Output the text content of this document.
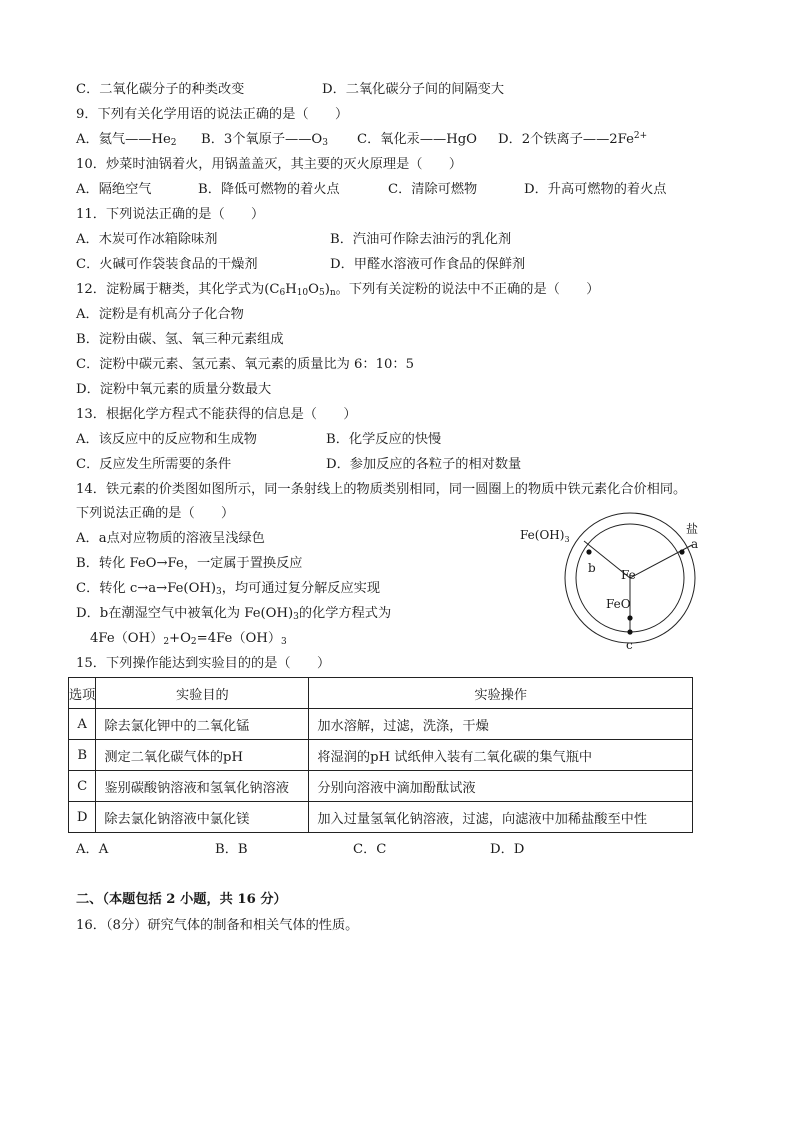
C．二氧化碳分子的种类改变	D．二氧化碳分子间的间隔变大
9．下列有关化学用语的说法正确的是（　　）
A．氦气$——He_2$ B．3个氧原子$——O_3$ C．氧化汞——HgO D．2个铁离子$——2Fe^{2+}$
10．炒菜时油锅着火，用锅盖盖灭，其主要的灭火原理是（　　）
A．隔绝空气	B．降低可燃物的着火点	C．清除可燃物	D．升高可燃物的着火点
11．下列说法正确的是（　　）
A．木炭可作冰箱除味剂	B．汽油可作除去油污的乳化剂
C．火碱可作袋装食品的干燥剂	D．甲醛水溶液可作食品的保鲜剂
12．淀粉属于糖类，其化学式为$(C_6H_{10}O_5)_n$。下列有关淀粉的说法中不正确的是（　　）
A．淀粉是有机高分子化合物
B．淀粉由碳、氢、氧三种元素组成
C．淀粉中碳元素、氢元素、氧元素的质量比为 6：10：5
D．淀粉中氧元素的质量分数最大
13．根据化学方程式不能获得的信息是（　　）
A．该反应中的反应物和生成物	B．化学反应的快慢
C．反应发生所需要的条件	D．参加反应的各粒子的相对数量
14．铁元素的价类图如图所示，同一条射线上的物质类别相同，同一圆圈上的物质中铁元素化合价相同。
下列说法正确的是（　　）
A．a点对应物质的溶液呈浅绿色
B．转化 FeO→Fe，一定属于置换反应
C．转化 $c\to a\to Fe(OH)_3$，均可通过复分解反应实现
D．b在潮湿空气中被氧化为 $Fe(OH)_3$的化学方程式为
$4Fe(OH)_2+O_2=4Fe(OH)_3$
$Fe(OH)_3$
盐
a
b Fe
FeO
c
15．下列操作能达到实验目的的是（　　）
选项	实验目的	实验操作
A	除去氯化钾中的二氧化锰	加水溶解，过滤，洗涤，干燥
B	测定二氧化碳气体的pH	将湿润的pH 试纸伸入装有二氧化碳的集气瓶中
C	鉴别碳酸钠溶液和氢氧化钠溶液	分别向溶液中滴加酚酞试液
D	除去氯化钠溶液中氯化镁	加入过量氢氧化钠溶液，过滤，向滤液中加稀盐酸至中性
A．A	B．B	C．C	D．D
二、（本题包括 2 小题，共 16 分）
16．（8分）研究气体的制备和相关气体的性质。
